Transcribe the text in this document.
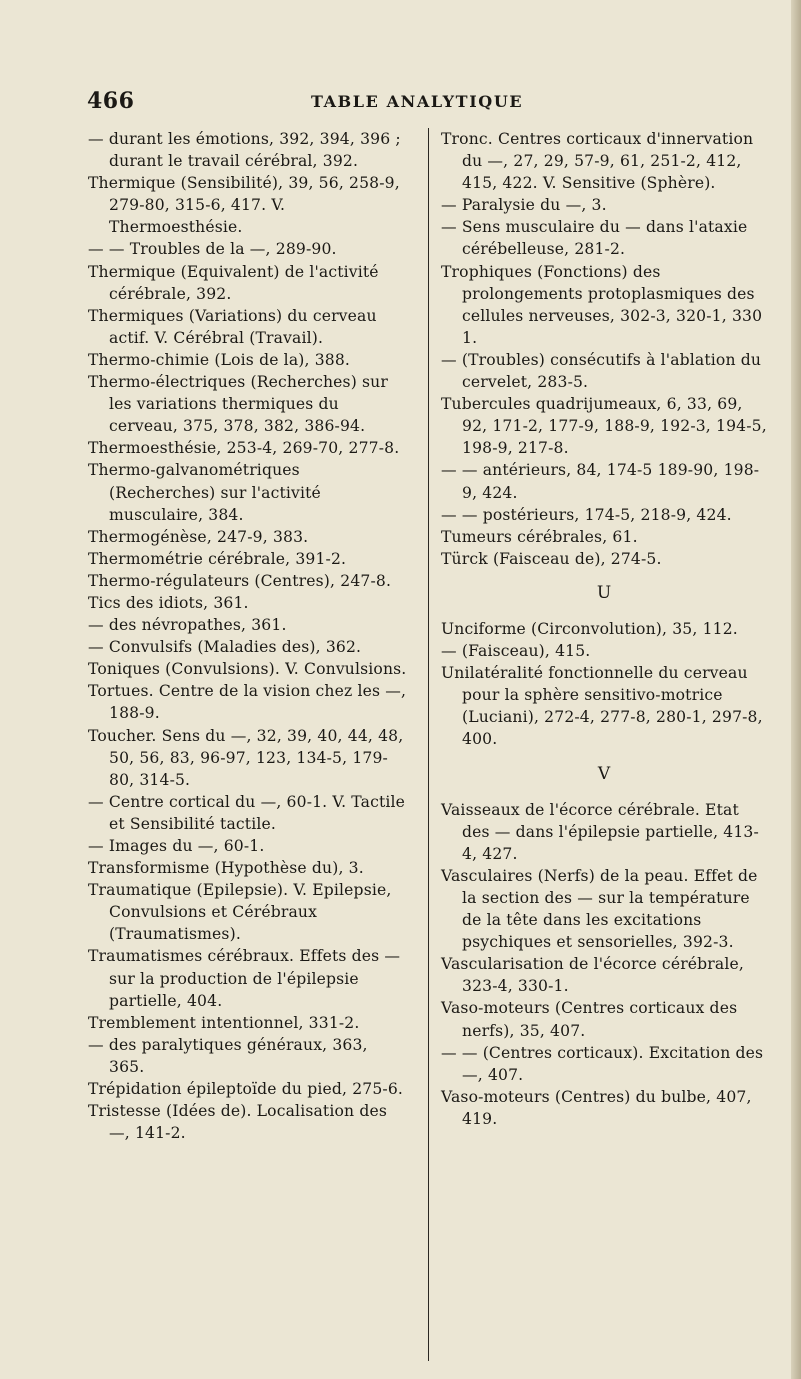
466	TABLE ANALYTIQUE
— durant les émotions, 392, 394, 396 ; durant le travail cérébral, 392.
Thermique (Sensibilité), 39, 56, 258-9, 279-80, 315-6, 417. V. Thermoesthésie.
— — Troubles de la —, 289-90.
Thermique (Equivalent) de l'activité cérébrale, 392.
Thermiques (Variations) du cerveau actif. V. Cérébral (Travail).
Thermo-chimie (Lois de la), 388.
Thermo-électriques (Recherches) sur les variations thermiques du cerveau, 375, 378, 382, 386-94.
Thermoesthésie, 253-4, 269-70, 277-8.
Thermo-galvanométriques (Recherches) sur l'activité musculaire, 384.
Thermogénèse, 247-9, 383.
Thermométrie cérébrale, 391-2.
Thermo-régulateurs (Centres), 247-8.
Tics des idiots, 361.
— des névropathes, 361.
— Convulsifs (Maladies des), 362.
Toniques (Convulsions). V. Convulsions.
Tortues. Centre de la vision chez les —, 188-9.
Toucher. Sens du —, 32, 39, 40, 44, 48, 50, 56, 83, 96-97, 123, 134-5, 179-80, 314-5.
— Centre cortical du —, 60-1. V. Tactile et Sensibilité tactile.
— Images du —, 60-1.
Transformisme (Hypothèse du), 3.
Traumatique (Epilepsie). V. Epilepsie, Convulsions et Cérébraux (Traumatismes).
Traumatismes cérébraux. Effets des — sur la production de l'épilepsie partielle, 404.
Tremblement intentionnel, 331-2.
— des paralytiques généraux, 363, 365.
Trépidation épileptoïde du pied, 275-6.
Tristesse (Idées de). Localisation des —, 141-2.
Tronc. Centres corticaux d'innervation du —, 27, 29, 57-9, 61, 251-2, 412, 415, 422. V. Sensitive (Sphère).
— Paralysie du —, 3.
— Sens musculaire du — dans l'ataxie cérébelleuse, 281-2.
Trophiques (Fonctions) des prolongements protoplasmiques des cellules nerveuses, 302-3, 320-1, 330 1.
— (Troubles) consécutifs à l'ablation du cervelet, 283-5.
Tubercules quadrijumeaux, 6, 33, 69, 92, 171-2, 177-9, 188-9, 192-3, 194-5, 198-9, 217-8.
— — antérieurs, 84, 174-5 189-90, 198-9, 424.
— — postérieurs, 174-5, 218-9, 424.
Tumeurs cérébrales, 61.
Türck (Faisceau de), 274-5.
U
Unciforme (Circonvolution), 35, 112.
— (Faisceau), 415.
Unilatéralité fonctionnelle du cerveau pour la sphère sensitivo-motrice (Luciani), 272-4, 277-8, 280-1, 297-8, 400.
V
Vaisseaux de l'écorce cérébrale. Etat des — dans l'épilepsie partielle, 413-4, 427.
Vasculaires (Nerfs) de la peau. Effet de la section des — sur la température de la tête dans les excitations psychiques et sensorielles, 392-3.
Vascularisation de l'écorce cérébrale, 323-4, 330-1.
Vaso-moteurs (Centres corticaux des nerfs), 35, 407.
— — (Centres corticaux). Excitation des —, 407.
Vaso-moteurs (Centres) du bulbe, 407, 419.
